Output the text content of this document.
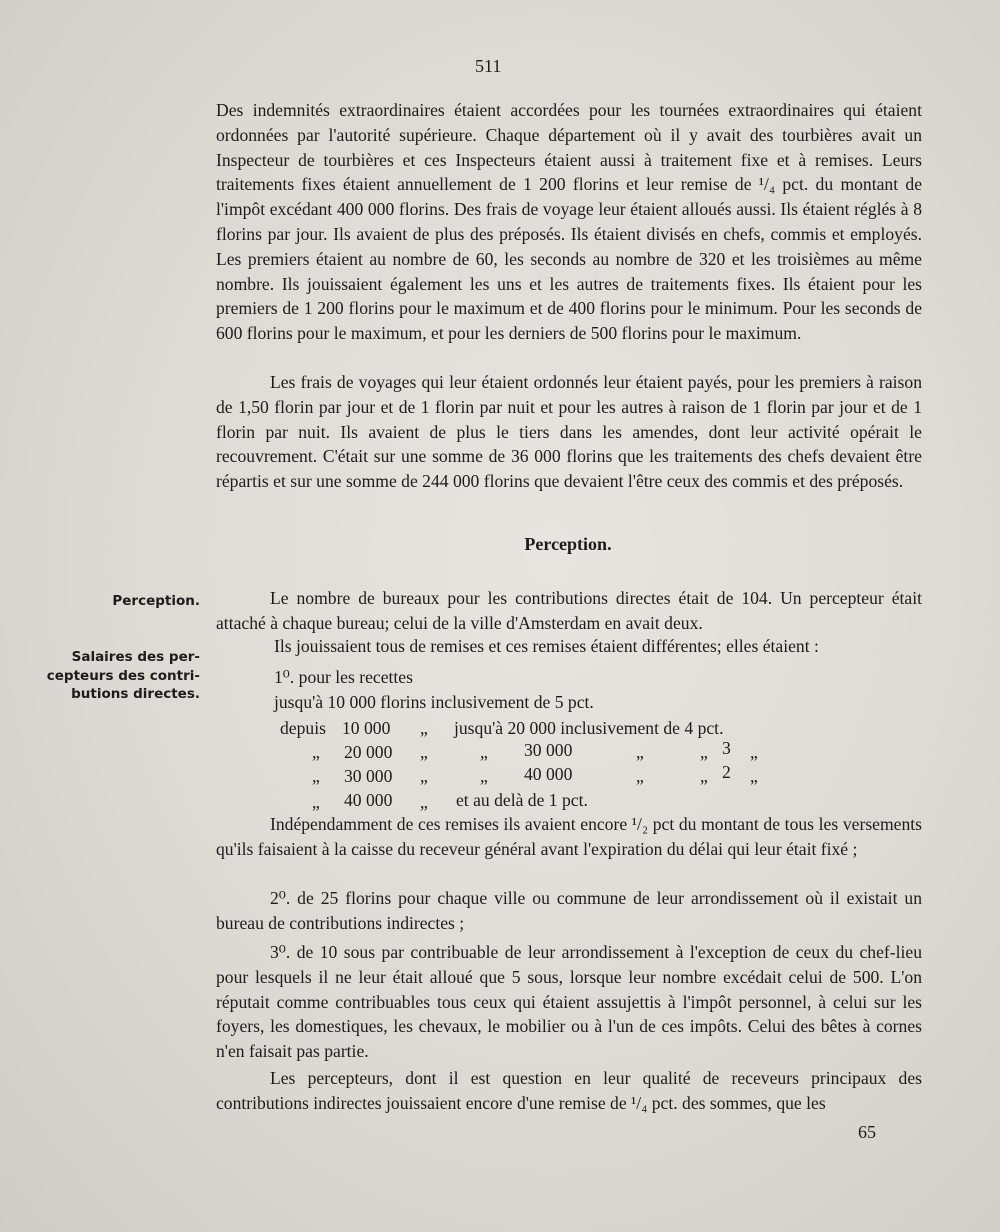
511

Des indemnités extraordinaires étaient accordées pour les tournées extraordinaires qui étaient ordonnées par l'autorité supérieure. Chaque département où il y avait des tourbières avait un Inspecteur de tourbières et ces Inspecteurs étaient aussi à traitement fixe et à remises. Leurs traitements fixes étaient annuellement de 1 200 florins et leur remise de ¹/₄ pct. du montant de l'impôt excédant 400 000 florins. Des frais de voyage leur étaient alloués aussi. Ils étaient réglés à 8 florins par jour. Ils avaient de plus des préposés. Ils étaient divisés en chefs, commis et employés. Les premiers étaient au nombre de 60, les seconds au nombre de 320 et les troisièmes au même nombre. Ils jouissaient également les uns et les autres de traitements fixes. Ils étaient pour les premiers de 1 200 florins pour le maximum et de 400 florins pour le minimum. Pour les seconds de 600 florins pour le maximum, et pour les derniers de 500 florins pour le maximum.

Les frais de voyages qui leur étaient ordonnés leur étaient payés, pour les premiers à raison de 1,50 florin par jour et de 1 florin par nuit et pour les autres à raison de 1 florin par jour et de 1 florin par nuit. Ils avaient de plus le tiers dans les amendes, dont leur activité opérait le recouvrement. C'était sur une somme de 36 000 florins que les traitements des chefs devaient être répartis et sur une somme de 244 000 florins que devaient l'être ceux des commis et des préposés.

Perception.

Perception.

Salaires des per-cepteurs des contri-butions directes.

Le nombre de bureaux pour les contributions directes était de 104. Un percepteur était attaché à chaque bureau; celui de la ville d'Amsterdam en avait deux.

Ils jouissaient tous de remises et ces remises étaient différentes; elles étaient :
1⁰. pour les recettes
jusqu'à 10 000 florins inclusivement de 5 pct.
depuis 10 000 „ jusqu'à 20 000 inclusivement de 4 pct.
„ 20 000 „	„ 30 000	„	„ 3 „
„ 30 000 „	„ 40 000	„	„ 2 „
„ 40 000 „ et au delà de 1 pct.

Indépendamment de ces remises ils avaient encore ¹/₂ pct du montant de tous les versements qu'ils faisaient à la caisse du receveur général avant l'expiration du délai qui leur était fixé ;

2⁰. de 25 florins pour chaque ville ou commune de leur arrondissement où il existait un bureau de contributions indirectes ;

3⁰. de 10 sous par contribuable de leur arrondissement à l'exception de ceux du chef-lieu pour lesquels il ne leur était alloué que 5 sous, lorsque leur nombre excédait celui de 500. L'on réputait comme contribuables tous ceux qui étaient assujettis à l'impôt personnel, à celui sur les foyers, les domestiques, les chevaux, le mobilier ou à l'un de ces impôts. Celui des bêtes à cornes n'en faisait pas partie.

Les percepteurs, dont il est question en leur qualité de receveurs principaux des contributions indirectes jouissaient encore d'une remise de ¹/₄ pct. des sommes, que les

65
